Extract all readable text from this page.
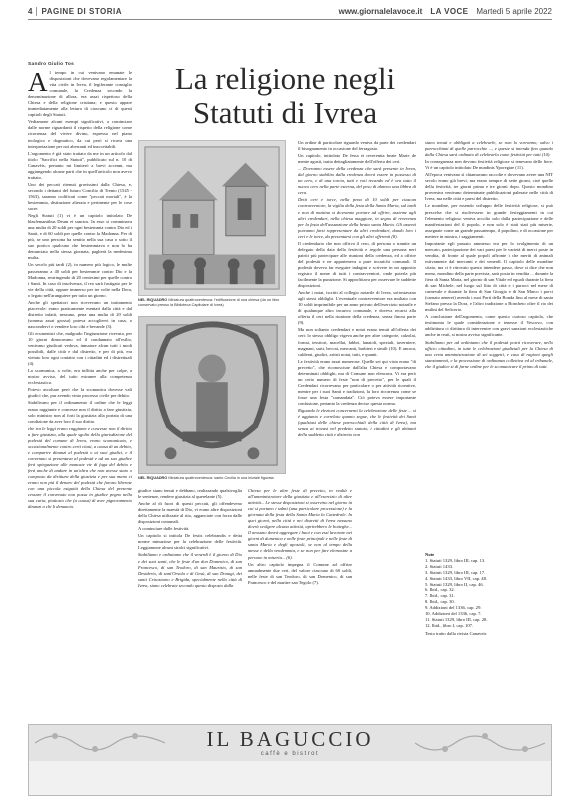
4 PAGINE DI STORIA	www.giornalelavoce.it LA VOCE Martedì 5 aprile 2022
Sandro Giulio Tos	La religione negli
Statuti di Ivrea
A l tempo in cui venivano emanate le disposizioni che dovevano regolamentare la vita civile in Ivrea, il legiferante consiglio comunale, la Credenza secondo la denominazione di allora, era assai rispettoso della Chiesa e della religione cristiana; e questo appare immediatamente alla lettura di ciascuno ci di questi capitoli degli Statuti.

Vediamone alcuni esempi significativi, a cominciare dalle norme riguardanti il rispetto della religione come ricorrenza del vivere divino, espresso nel piano teologico e dogmatico, da cui però si ricava una interpretazione per noi aberranti ed inaccettabili.

L'argomento è già stato trattato da me in un articolo dal titolo "Sacrifici nella Statuti", pubblicato sul n. 10 di Canavèis, pertanto mi limiterò a brevi accenni, ma aggiungendo alcune parti che in quell'articolo non avevo trattato.

Uno dei peccati ritenuti gravissimi dalla Chiesa, e, secondo i dettami del futuro Concilio di Trento (1545 - 1563), saranno codificati come "peccati mortali", è la bestemmia, distinzione alterata e pertinente per le cose sacre.

Negli Statuti (1) vi è un capitolo intitolato De blasfemantibus Deum et sanctos. In esso si comminava una multa di 20 soldi per ogni bestemmia contro Dio ed i Santi, e di 60 soldi per quelle contro la Madonna. Per di più, se uno persona ha sentito nella sua casa o sotto il suo portico qualcuno che bestemmiava e non lo ha denunciato nella stessa giornata, pagherà la medesima multa.

Un secolo più tardi (2), in numero più logico, le multe passeranno a 40 soldi per bestemmie contro Dio e la Madonna, restringendo di 20 centesimi per quelle contro i Santi. In caso di insolvenza, il reo sarà fustigato per le vie della città, oppure immerso per tre volte nella Dora, o legato nell'aranguiere per tutto un giorno.

Anche gli spettatori non ricevevano un trattamento piacevole: erano praticamente esentati dalla città e dal distretto infatti, nessuno, pena una multa di 20 soldi (somma assai grossa) poteva accogliervi in casa, o nascondervi o vendere loro cibi e bevande (3).

Gli ecumenisti che, malgrado l'ingiunzione ricevuta, per 10 giorni dimoravano ed il condannato all'esilio, venivano giudicati vedova, inmatore alcun tutti i modi possibili, dalle città e dal distretto, e per di più, era vietato loro ogni contatto con i cittadini ed i distrettuali (4).

La scomunica, a volte, era inflitta anche per colpe, a nostro avviso, del tutto estranee alla competenza ecclesiastica.

Potevo ascoltare però che la scomunica dovesse vali giudici che, pur avendo vinto processo civile per debito.

Stabilivano per il ordinamento il ordine che le leggi erano raggiunte e concesse non il diritto a fare giustizia, solo ministro non al forti la giustizia alla portata di una condizione da aver loro il suo diritto.

che tra le leggi erano raggiunte e concesse non il diritto a fare giustizia, alla quale sgolin della giurisdizione del podestà del comune di Ivrea, erano scomunicato, e occasionalmente contro certi citati, a causa di un debito, e comparire dinanzi al podestà o ai suoi giudici, e il convenuto si presentava al podestà e ad un suo giudice ferà spiegazione alle mancate vie di fuga del debito e ferà anche di andare in un'altra che non avesse stato o composto da dirittura della giustizia e per sua mano ci erano non più il denaro del podestà che furono liberate con una piccola esiguità della Chiesa del presente cessare il convenuto non possa in giudice pegno nella sua curia, piuttosto che (a causa) di aver pignoramento dinanzi a chi li denuncia.

NEL RIQUADRO Miniatura quattrocentesca: l'edificazione di una chiesa (da un libro conservato presso la Biblioteca Capitolare di Ivrea)
NEL RIQUADRO Miniatura quattrocentesca: santo Cecilia in una iniziale figurata

giudice siano tenuti e debbano, realizzando qualsivoglia le sentenze, rendere giustizia al querelante (5).

Anche al di fuori di questi peccati, gli offendeveno direttamente la maestà di Dio, vi erano altre disposizioni della Chiesa utilizzate al rito, agganciate con forza dalle disposizioni comunali.

A cominciare dalle festività.

Un capitolo si intitola De festis celebrandis e detta norme minuziose per la celebrazione delle festività. Leggiamone alcuni stralci significativi.

Stabiliamo e ordiniamo che il venerdì è il giorno di Dio e dei suoi santi, che le feste d'un don Domenico, di san Francesco, di san Teodoro, di san Maurizio, di san Desiderio, di sant'Orsola e di Gesù, di san Donagi, dei santi Crisostomo e Brigida, specialmente nella città di Ivrea, siano celebrate secondo questo disposto dalla

Chiesa per le altre feste di precetto, in realtà e all'amministratore della giustizia e all'esercizio di altre attività... Le stesse disposizioni si osservino nel giorno in cui si portano i salmi (una particolare processione) e la giornata della festa della Santa Maria la Cattedrale. In quei giorni, nella città e nei distretti di Ivrea nessuno dovrà svolgere alcuna attività, aprirebbero le botteghe... Il nessuno dovrà aggregare i buoi e con essi lavorare nei giorni di domenica e nelle feste principali e nelle feste di santa Maria e degli apostoli, se non al tempo della messe e della vendemmia, e se non per fare elemosine a persone in miseria... (6).

Un altro capitolo impegna il Comune ad offrire annualmente due ceri, del valore ciascuno di 60 soldi, nelle feste di san Teodoro, di san Domenico, di san Francesco e del martire san Tegolo (7).

Un ordine di particolare riguardo veniva da parte dei credendari il bisognamento in occasione del ferragosto.

Un capitolo, intitolato De festa et reverentia beate Marie de mente agusti, tratta dettagliatamente dell'offerta dei ceri.

... Dovranno essere della credenza che sarà presente in Ivrea, dal giorno stabilito dalla credenza dovrà essere in possesso di un cero, e di una torcia, tutti e voti recando ed è ora tutto il nuovo cero nella parte esterna, del peso di almeno una libbra di cera.

Detti ceri e torce, nella pena di 10 soldi per ciascun contravventore, la vigilia della festa della Santa Maria, sul tardi e non di mattina si dovranno portare ad offrire, assieme agli altri credendari, nella chiesa maggiore, in segno di reverenza per la festa dell'assunzione della beata santa Maria. Gli assenti potranno farsi rappresentare da altri credendari, dando loro i ceri e le torce, da presentarsi con gli altri offerenti (8).

Il credendario che non offriva il cero, di persona o tramite un delegato della data della festività e regole una persona neri patriti più partecipare alle riunioni della credenza, ed a offrire del podestà e ne apparteneva a pure incarichi comunali. Il podestà doveva far eseguire indagini e scrivere in un apposito registro il nome di tutti i contravventori, onde poterla più facilmente la punizione. Si approfittava per osservare le suddette disposizioni.

Anche i notai, iscritti al collegio notarile di Ivrea, sottostavano agli stessi obblighi. L'eventuale contravventore era multato con 10 soldi imprimibile per un anno privato dell'esercizio notarile e di qualunque altro incarico comunale, e doveva recarsi alla offerta il ceri nella riunione della credenza, senza finora parte (9).

Ma non soltanto credendari e notai erano tenuti all'offerta dei ceri: lo stesso obbligo vigeva anche per altre categorie, calzolai, fornai, tessitori, macellai, fabbri, lanaioli, speziali, taverniere, magnani, sarti, beccai, mercanti, barbieri e simili (10). E ancora, calderai, giudici, artisti notai, tutti, e quanti.

Le festività erano assai numerose. Quelle sei qui vista erano "di precetto", che riconosciute dall'alta Chiesa e comportavano determinati obblighi, ma di Comune non elencava. Vi era però un certo numero di feste "non di precetto", per le quali il Credendari ricorrevano per particolare o per attività ricreative, mentre per i suoi Santi e tradizioni, la loro ricorrenza come se fosse una festa "comandata". Ciò poteva essere importante confusione, pertanto la credenza decise questa norma.

Riguardo le elezioni concernenti la celebrazione delle feste ... si è aggiunto e correlato quanto segue, che le festività dei Santi (qualsiasi delle chiese parrocchiali della città di Ivrea), ma senza ai trovasi nel predetto statuto, i cittadini e gli abitanti della suddetta città e distretto non

siano tenuti e obbligati a celebrarle, se non lo vorranno; salvo i parrocchiani di quelle parrocchie ..., e queste si intenda fino quando dalla Chiesa sarà ordinato di celebrarla come festività per tutti (10).

In conseguenza non devono festività religiose si tenevano delle fiere. Vi è un capitolo intitolato De nundinis Yporegiae (11).

All'epoca venivano sì chiamavano raccolte e dovevano avere una NIT secolo erano già brevi, ma erano sempre di sette giorni, cioè quelle della festività, tre giorni prima e tre giorni dopo. Questo mondino proveniva venivano determinate pubblicazioni palesate nelle città di Ivrea, ma nelle città e paesi del distretto.

Le mondine, per essendo sviluppo delle festività religiose, si può prescelse che si risolvessero in grande festeggiamenti in cui l'elemento religioso veniva accolto solo dalla partecipazione e delle manifestazioni del il popolo, e non solo è stati stati più miserie, assegnate come un grande passatempo, il popolino, e di occasione per mettere in mostra, i saggiamenti.

Importante egli passato ammesso era per lo svolgimento di un mercato, partecipazione dei vari paesi per le varietà di merci poste in vendita, di fronte al quale popoli affronte i che meriti di animali estivamente dal mercanti e dei venerdì. Il capitolo delle mondine citato, ma ci è ritrovato questo intendere passo, dove si dice che non meno, mondino della parte prevista, sarà posta in vendita ... durante la fiera di Santa Maria, nel giorno di san Vitale ed eguali durante la fiera di san Michele, nel luogo sul fitto di città e i parroci nel mese di carnevale e durante la fiera di San Giorgio e di San Marco i porci (carnato aenerei) avendo i suoi Porti della Bonda fino al mese di santa Stefano presso la Dora, e l'altro tradizione a Boncheto oltre il rio dei mulini del Seficerio.

A conclusione dell'argomento, come questo curioso capitolo, che testimonia le quale considerazione e tenesse il Vescovo, con addirittura ci dirittura di intervenire con gravi sanzioni ecclesiastiche anche in reati, si nostra avviso significante.

Stabiliamo per ad ordiniamo che il podestà potrà ricoverare, nello ufficio cittadino, in tutte le celebrazioni giudiziali per la Chiesa di una certa amministrazione di sei soggetti, e caso di ragioni quegli stanziamenti, e la processione di ordinanza collettiva ed al tribunale, che il giudice si di farne ordine per le scomunicare il primo di tutti.

Note
1. Statuti 1329, libro III, cap. 13.
2. Statuti 1433.
3. Statuti 1329, libro III, cap. 17.
4. Statuti 1433, libro VII, cap. 48.
5. Statuti 1329, libro II, cap. 46.
6. Ibid., cap. 32.
7. Ibid., cap. 31.
8. Ibid., cap. 30.
9. Addizioni del 1336, cap. 29.
10. Addizioni del 1336, cap. 7.
11. Statuti 1329, libro III, cap. 28.
12. Ibid., libro I, cap. 107.
Testo tratto dalla rivista Canaveis
IL BAGUCCIO
caffè e bistrot
